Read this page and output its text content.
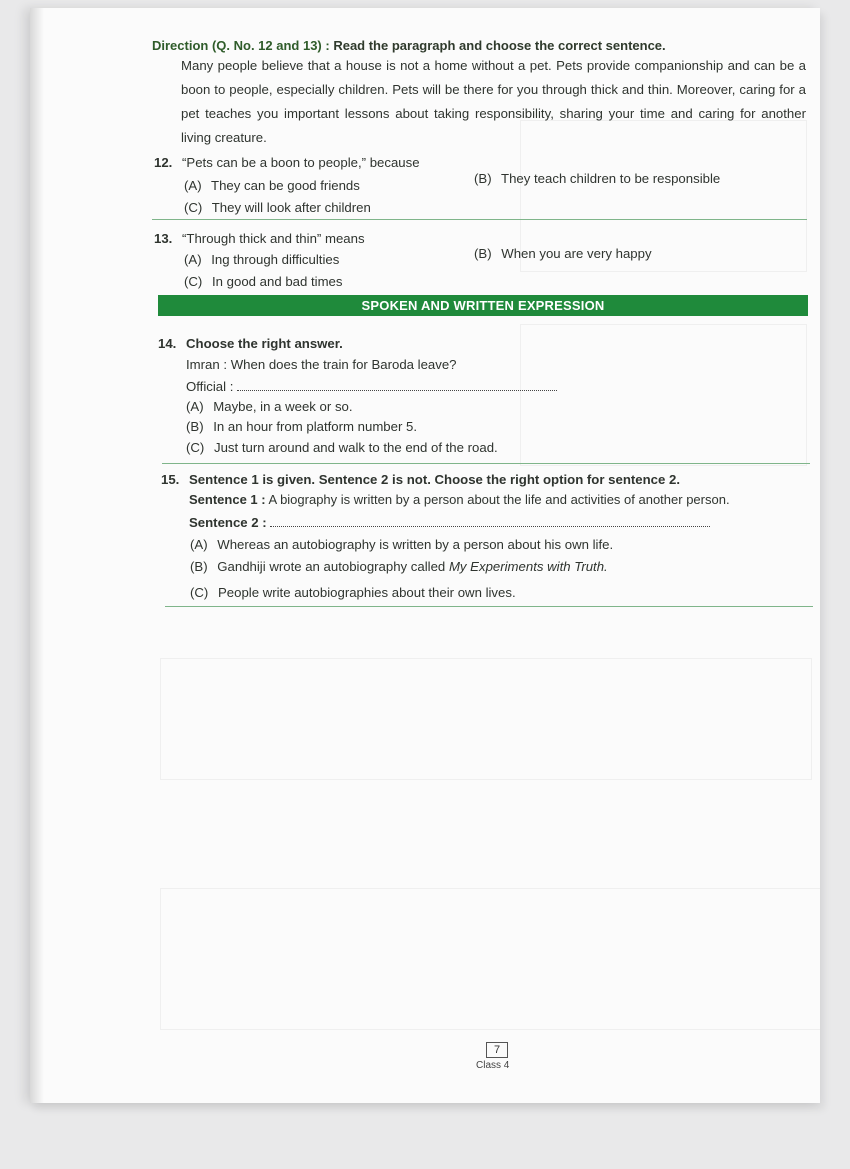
Direction (Q. No. 12 and 13) : Read the paragraph and choose the correct sentence.
Many people believe that a house is not a home without a pet. Pets provide companionship and can be a boon to people, especially children. Pets will be there for you through thick and thin. Moreover, caring for a pet teaches you important lessons about taking responsibility, sharing your time and caring for another living creature.
12. “Pets can be a boon to people,” because
(A) They can be good friends	(B) They teach children to be responsible
(C) They will look after children
13. “Through thick and thin” means
(A) Ing through difficulties	(B) When you are very happy
(C) In good and bad times
SPOKEN AND WRITTEN EXPRESSION
14. Choose the right answer.
Imran : When does the train for Baroda leave?
Official :
(A) Maybe, in a week or so.
(B) In an hour from platform number 5.
(C) Just turn around and walk to the end of the road.
15. Sentence 1 is given. Sentence 2 is not. Choose the right option for sentence 2.
Sentence 1 : A biography is written by a person about the life and activities of another person.
Sentence 2 :
(A) Whereas an autobiography is written by a person about his own life.
(B) Gandhiji wrote an autobiography called My Experiments with Truth.
(C) People write autobiographies about their own lives.
7
Class 4
